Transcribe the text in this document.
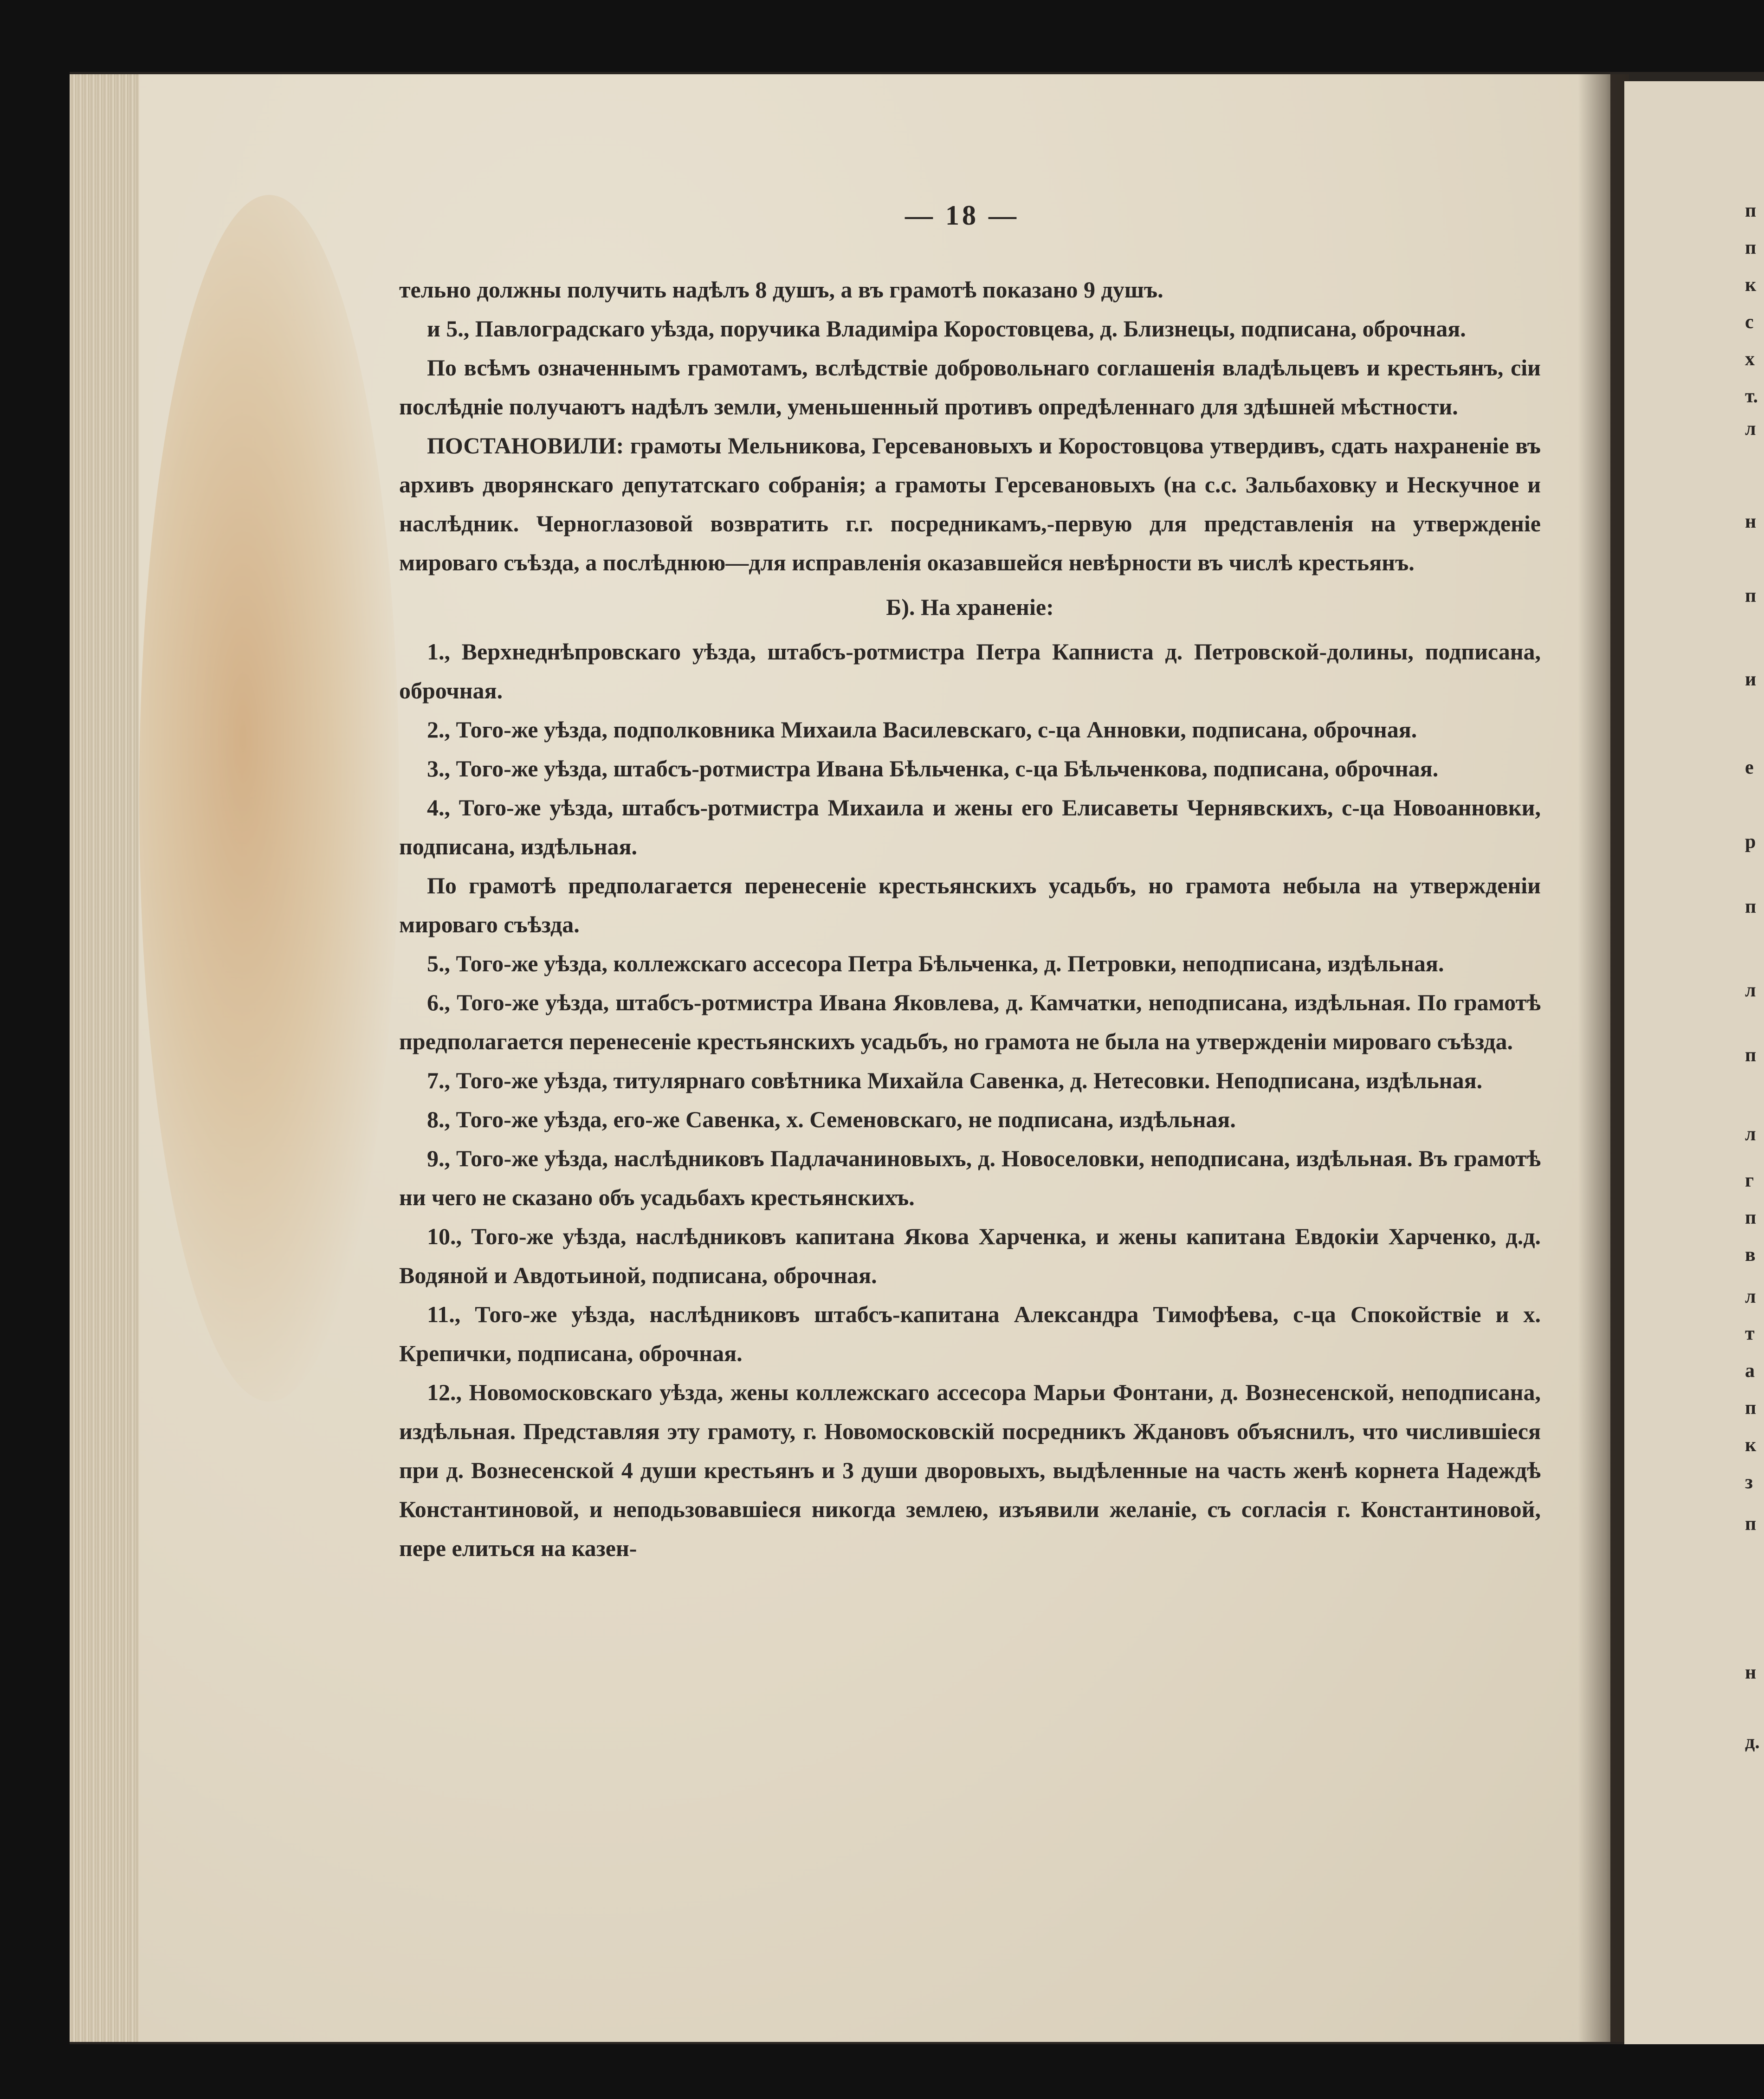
п
п
к
с
х
т.
л
н
п
и
е
р
п
л
п
л
г
п
в
л
т
а
п
к
з
п
н
д.
— 18 —

тельно должны получить надѣлъ 8 душъ, а въ грамотѣ показано 9 душъ.

и 5., Павлоградскаго уѣзда, поручика Владиміра Коростовцева, д. Близнецы, подписана, оброчная.

По всѣмъ означеннымъ грамотамъ, вслѣдствіе добровольнаго соглашенія владѣльцевъ и крестьянъ, сіи послѣдніе получаютъ надѣлъ земли, уменьшенный противъ опредѣленнаго для здѣшней мѣстности.

ПОСТАНОВИЛИ: грамоты Мельникова, Герсевановыхъ и Коростовцова утвердивъ, сдать нахраненіе въ архивъ дворянскаго депутатскаго собранія; а грамоты Герсевановыхъ (на с.с. Зальбаховку и Нескучное и наслѣдник. Черноглазовой возвратить г.г. посредникамъ,-первую для представленія на утвержденіе мироваго съѣзда, а послѣднюю—для исправленія оказавшейся невѣрности въ числѣ крестьянъ.

Б). На храненіе:

1., Верхнеднѣпровскаго уѣзда, штабсъ-ротмистра Петра Капниста д. Петровской-долины, подписана, оброчная.

2., Того-же уѣзда, подполковника Михаила Василевскаго, с-ца Анновки, подписана, оброчная.

3., Того-же уѣзда, штабсъ-ротмистра Ивана Бѣльченка, с-ца Бѣльченкова, подписана, оброчная.

4., Того-же уѣзда, штабсъ-ротмистра Михаила и жены его Елисаветы Чернявскихъ, с-ца Новоанновки, подписана, издѣльная.

По грамотѣ предполагается перенесеніе крестьянскихъ усадьбъ, но грамота небыла на утвержденіи мироваго съѣзда.

5., Того-же уѣзда, коллежскаго ассесора Петра Бѣльченка, д. Петровки, неподписана, издѣльная.

6., Того-же уѣзда, штабсъ-ротмистра Ивана Яковлева, д. Камчатки, неподписана, издѣльная. По грамотѣ предполагается перенесеніе крестьянскихъ усадьбъ, но грамота не была на утвержденіи мироваго съѣзда.

7., Того-же уѣзда, титулярнаго совѣтника Михайла Савенка, д. Нетесовки. Неподписана, издѣльная.

8., Того-же уѣзда, его-же Савенка, х. Семеновскаго, не подписана, издѣльная.

9., Того-же уѣзда, наслѣдниковъ Падлачаниновыхъ, д. Новоселовки, неподписана, издѣльная. Въ грамотѣ ни чего не сказано объ усадьбахъ крестьянскихъ.

10., Того-же уѣзда, наслѣдниковъ капитана Якова Харченка, и жены капитана Евдокіи Харченко, д.д. Водяной и Авдотьиной, подписана, оброчная.

11., Того-же уѣзда, наслѣдниковъ штабсъ-капитана Александра Тимофѣева, с-ца Спокойствіе и х. Крепички, подписана, оброчная.

12., Новомосковскаго уѣзда, жены коллежскаго ассесора Марьи Фонтани, д. Вознесенской, неподписана, издѣльная. Представляя эту грамоту, г. Новомосковскій посредникъ Ждановъ объяснилъ, что числившіеся при д. Вознесенской 4 души крестьянъ и 3 души дворовыхъ, выдѣленные на часть женѣ корнета Надеждѣ Константиновой, и неподьзовавшіеся никогда землею, изъявили желаніе, съ согласія г. Константиновой, пере елиться на казен-
